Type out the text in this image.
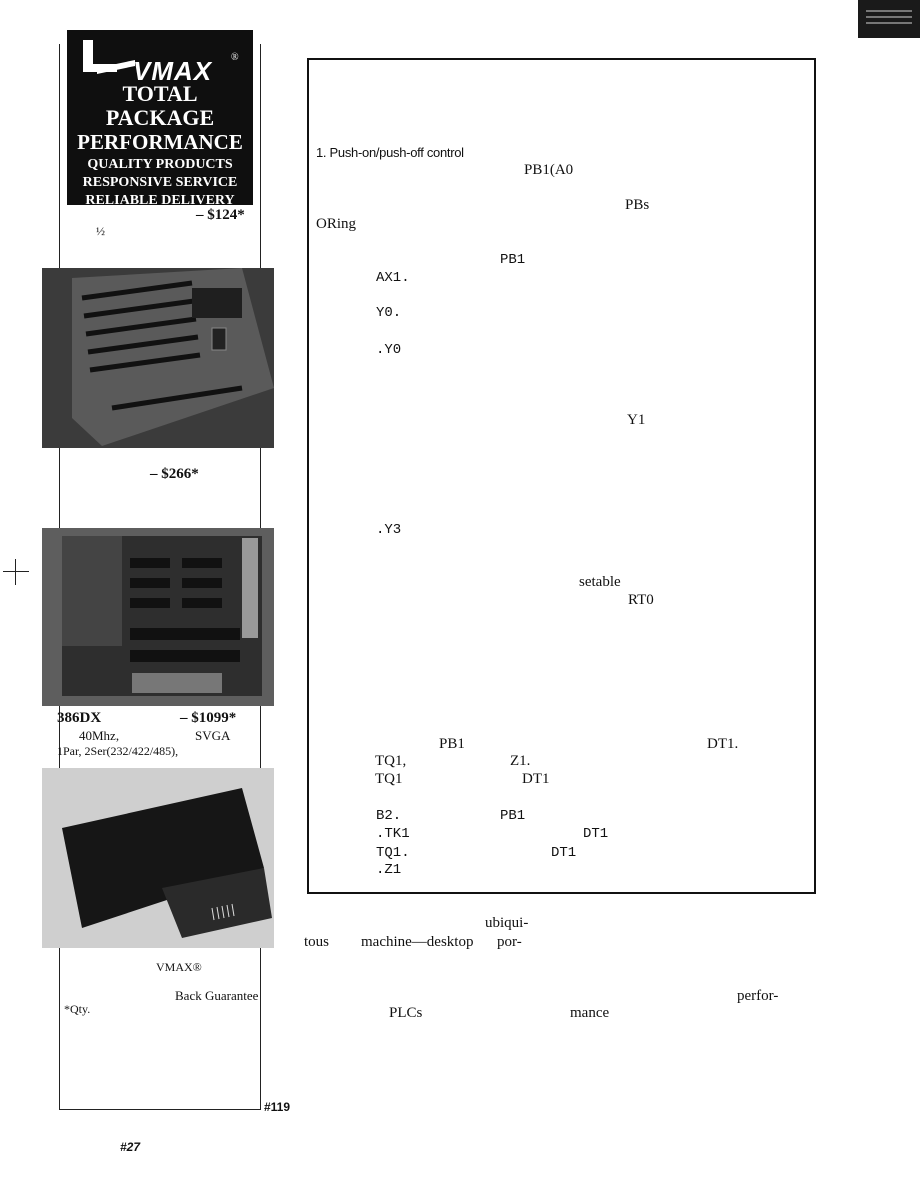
VMAX ®
TOTAL
PACKAGE
PERFORMANCE
QUALITY PRODUCTS
RESPONSIVE SERVICE
RELIABLE DELIVERY
– $124*
½
– $266*
386DX	– $1099*
40Mhz,	SVGA
1Par, 2Ser(232/422/485),
VMAX®
Back Guarantee
*Qty.
#119
#27
1. Push-on/push-off control
PB1(A0
PBs
ORing
PB1
AX1.
Y0.
.Y0
Y1
.Y3
setable
RT0
PB1	DT1.
TQ1,	Z1.
TQ1	DT1
B2.	PB1
.TK1	DT1
TQ1.	DT1
.Z1
ubiqui-
tous machine—desktop por-
perfor-
PLCs	mance
